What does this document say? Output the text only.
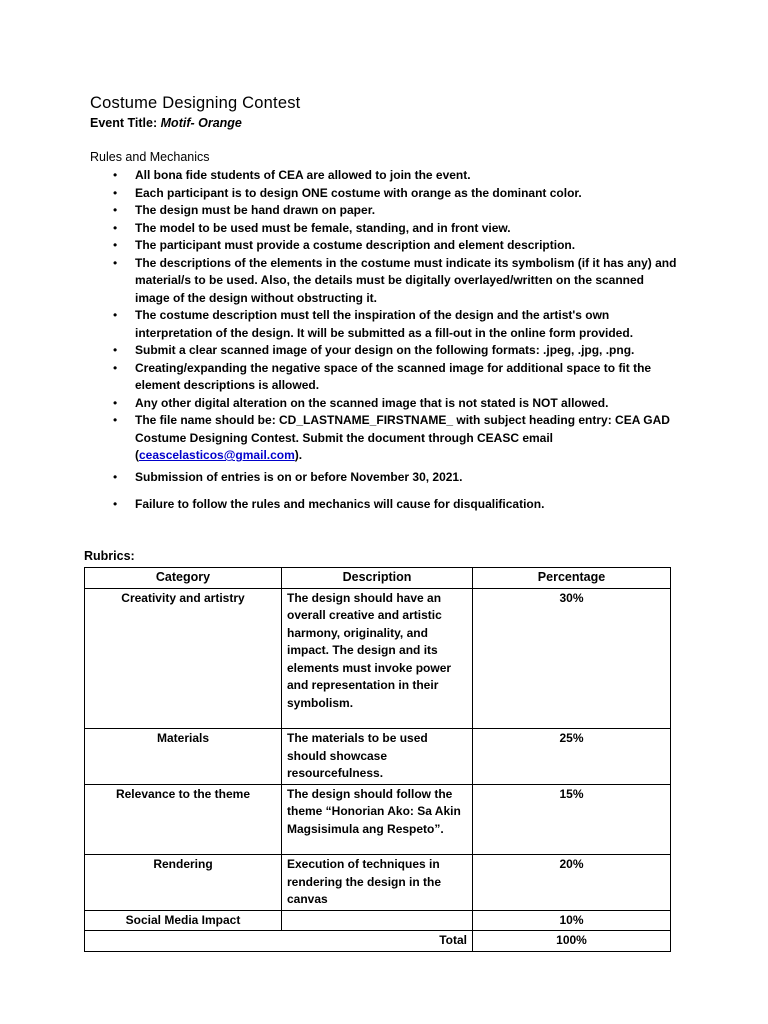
Costume Designing Contest
Event Title: Motif- Orange
Rules and Mechanics
• All bona fide students of CEA are allowed to join the event.
• Each participant is to design ONE costume with orange as the dominant color.
• The design must be hand drawn on paper.
• The model to be used must be female, standing, and in front view.
• The participant must provide a costume description and element description.
• The descriptions of the elements in the costume must indicate its symbolism (if it has any) and material/s to be used. Also, the details must be digitally overlayed/written on the scanned image of the design without obstructing it.
• The costume description must tell the inspiration of the design and the artist's own interpretation of the design. It will be submitted as a fill-out in the online form provided.
• Submit a clear scanned image of your design on the following formats: .jpeg, .jpg, .png.
• Creating/expanding the negative space of the scanned image for additional space to fit the element descriptions is allowed.
• Any other digital alteration on the scanned image that is not stated is NOT allowed.
• The file name should be: CD_LASTNAME_FIRSTNAME_ with subject heading entry: CEA GAD Costume Designing Contest. Submit the document through CEASC email
(ceascelasticos@gmail.com).
• Submission of entries is on or before November 30, 2021.
• Failure to follow the rules and mechanics will cause for disqualification.
Rubrics:
Category	Description	Percentage
Creativity and artistry	The design should have an overall creative and artistic harmony, originality, and impact. The design and its elements must invoke power and representation in their symbolism.	30%
Materials	The materials to be used should showcase resourcefulness.	25%
Relevance to the theme	The design should follow the theme “Honorian Ako: Sa Akin Magsisimula ang Respeto”.	15%
Rendering	Execution of techniques in rendering the design in the canvas	20%
Social Media Impact		10%
Total		100%
